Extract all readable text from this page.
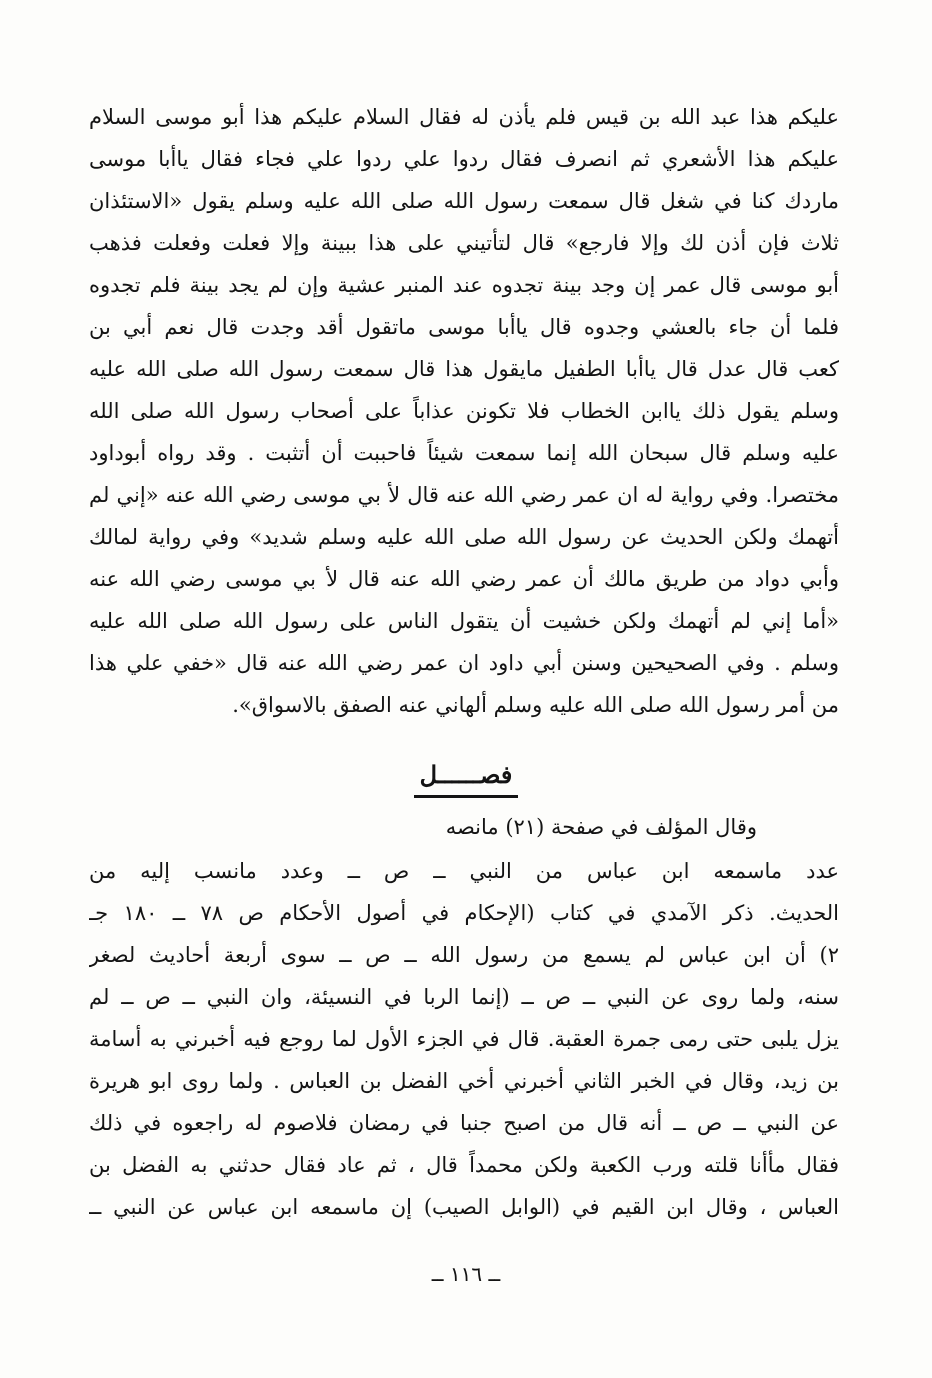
عليكم هذا عبد الله بن قيس فلم يأذن له فقال السلام عليكم هذا أبو موسى السلام
عليكم هذا الأشعري ثم انصرف فقال ردوا علي ردوا علي فجاء فقال ياأبا موسى
ماردك كنا في شغل قال سمعت رسول الله صلى الله عليه وسلم يقول «الاستئذان
ثلاث فإن أذن لك وإلا فارجع» قال لتأتيني على هذا ببينة وإلا فعلت وفعلت فذهب
أبو موسى قال عمر إن وجد بينة تجدوه عند المنبر عشية وإن لم يجد بينة فلم تجدوه
فلما أن جاء بالعشي وجدوه قال ياأبا موسى ماتقول أقد وجدت قال نعم أبي بن
كعب قال عدل قال ياأبا الطفيل مايقول هذا قال سمعت رسول الله صلى الله عليه
وسلم يقول ذلك ياابن الخطاب فلا تكونن عذاباً على أصحاب رسول الله صلى الله
عليه وسلم قال سبحان الله إنما سمعت شيئاً فاحببت أن أتثبت . وقد رواه أبوداود
مختصرا. وفي رواية له ان عمر رضي الله عنه قال لأ بي موسى رضي الله عنه «إني لم
أتهمك ولكن الحديث عن رسول الله صلى الله عليه وسلم شديد» وفي رواية لمالك
وأبي دواد من طريق مالك أن عمر رضي الله عنه قال لأ بي موسى رضي الله عنه
«أما إني لم أتهمك ولكن خشيت أن يتقول الناس على رسول الله صلى الله عليه
وسلم . وفي الصحيحين وسنن أبي داود ان عمر رضي الله عنه قال «خفي علي هذا
من أمر رسول الله صلى الله عليه وسلم ألهاني عنه الصفق بالاسواق».
فصــــــل
وقال المؤلف في صفحة (٢١) مانصه
عدد ماسمعه ابن عباس من النبي ــ ص ــ وعدد مانسب إليه من
الحديث. ذكر الآمدي في كتاب (الإحكام في أصول الأحكام ص ٧٨ ــ ١٨٠ جـ
٢) أن ابن عباس لم يسمع من رسول الله ــ ص ــ سوى أربعة أحاديث لصغر
سنه، ولما روى عن النبي ــ ص ــ (إنما الربا في النسيئة، وان النبي ــ ص ــ لم
يزل يلبى حتى رمى جمرة العقبة. قال في الجزء الأول لما روجع فيه أخبرني به أسامة
بن زيد، وقال في الخبر الثاني أخبرني أخي الفضل بن العباس . ولما روى ابو هريرة
عن النبي ــ ص ــ أنه قال من اصبح جنبا في رمضان فلاصوم له راجعوه في ذلك
فقال مأأنا قلته ورب الكعبة ولكن محمداً قال ، ثم عاد فقال حدثني به الفضل بن
العباس ، وقال ابن القيم في (الوابل الصيب) إن ماسمعه ابن عباس عن النبي ــ
ــ ١١٦ ــ
